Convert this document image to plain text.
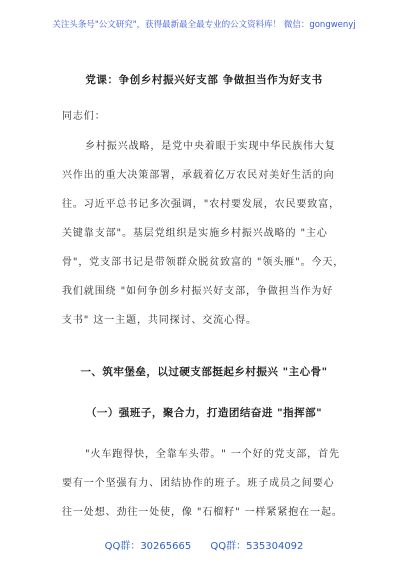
关注头条号"公文研究"，获得最新最全最专业的公文资料库！ 微信：gongwenyj
党课：争创乡村振兴好支部 争做担当作为好支书
同志们：
乡村振兴战略，是党中央着眼于实现中华民族伟大复
兴作出的重大决策部署，承载着亿万农民对美好生活的向
往。习近平总书记多次强调，"农村要发展，农民要致富，
关键靠支部"。基层党组织是实施乡村振兴战略的 "主心
骨"，党支部书记是带领群众脱贫致富的 "领头雁"。今天，
我们就围绕 "如何争创乡村振兴好支部，争做担当作为好
支书" 这一主题，共同探讨、交流心得。
一、筑牢堡垒，以过硬支部挺起乡村振兴 "主心骨"
（一）强班子，聚合力，打造团结奋进 "指挥部"
"火车跑得快，全靠车头带。" 一个好的党支部，首先
要有一个坚强有力、团结协作的班子。班子成员之间要心
往一处想、劲往一处使，像 "石榴籽" 一样紧紧抱在一起。
QQ群：30265665 QQ群：535304092
